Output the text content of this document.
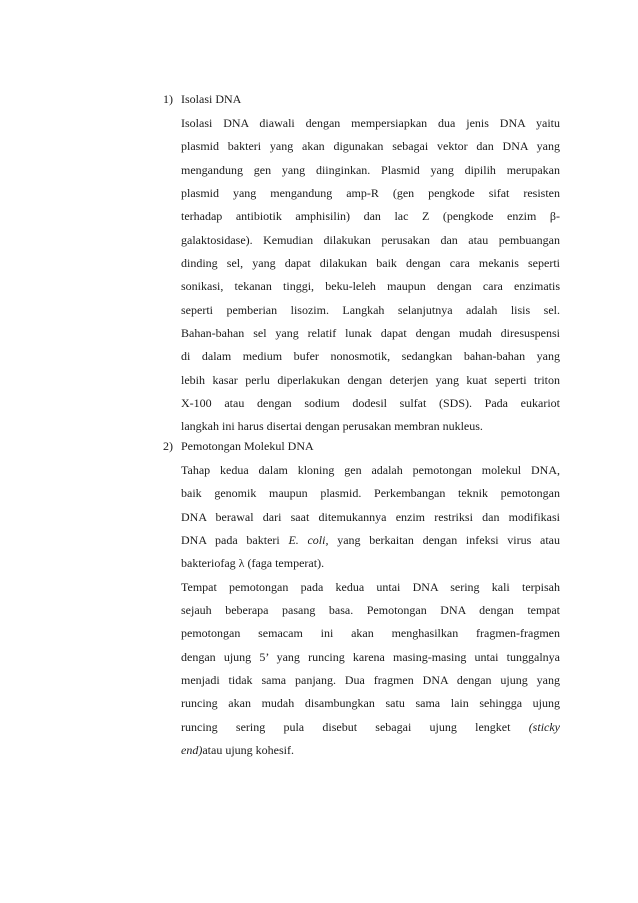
1) Isolasi DNA
Isolasi DNA diawali dengan mempersiapkan dua jenis DNA yaitu
plasmid bakteri yang akan digunakan sebagai vektor dan DNA yang
mengandung gen yang diinginkan. Plasmid yang dipilih merupakan
plasmid yang mengandung amp-R (gen pengkode sifat resisten
terhadap antibiotik amphisilin) dan lac Z (pengkode enzim β-
galaktosidase). Kemudian dilakukan perusakan dan atau pembuangan
dinding sel, yang dapat dilakukan baik dengan cara mekanis seperti
sonikasi, tekanan tinggi, beku-leleh maupun dengan cara enzimatis
seperti pemberian lisozim. Langkah selanjutnya adalah lisis sel.
Bahan-bahan sel yang relatif lunak dapat dengan mudah diresuspensi
di dalam medium bufer nonosmotik, sedangkan bahan-bahan yang
lebih kasar perlu diperlakukan dengan deterjen yang kuat seperti triton
X-100 atau dengan sodium dodesil sulfat (SDS). Pada eukariot
langkah ini harus disertai dengan perusakan membran nukleus.
2) Pemotongan Molekul DNA
Tahap kedua dalam kloning gen adalah pemotongan molekul DNA,
baik genomik maupun plasmid. Perkembangan teknik pemotongan
DNA berawal dari saat ditemukannya enzim restriksi dan modifikasi
DNA pada bakteri E. coli, yang berkaitan dengan infeksi virus atau
bakteriofag λ (faga temperat).
Tempat pemotongan pada kedua untai DNA sering kali terpisah
sejauh beberapa pasang basa. Pemotongan DNA dengan tempat
pemotongan semacam ini akan menghasilkan fragmen-fragmen
dengan ujung 5’ yang runcing karena masing-masing untai tunggalnya
menjadi tidak sama panjang. Dua fragmen DNA dengan ujung yang
runcing akan mudah disambungkan satu sama lain sehingga ujung
runcing sering pula disebut sebagai ujung lengket (sticky
end)atau ujung kohesif.
